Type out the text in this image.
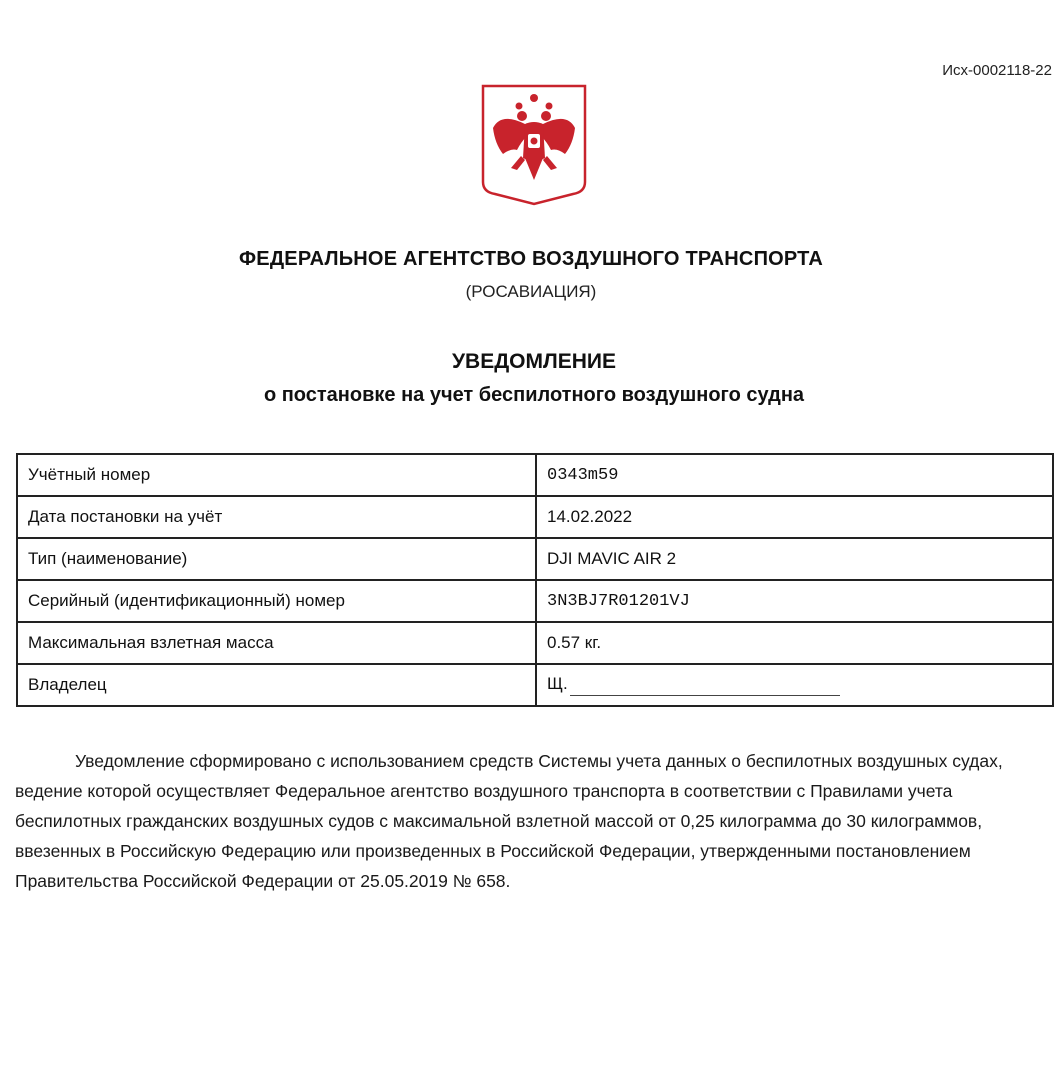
Исх-0002118-22
ФЕДЕРАЛЬНОЕ АГЕНТСТВО ВОЗДУШНОГО ТРАНСПОРТА
(РОСАВИАЦИЯ)
УВЕДОМЛЕНИЕ
о постановке на учет беспилотного воздушного судна
Учётный номер	0343m59
Дата постановки на учёт	14.02.2022
Тип (наименование)	DJI MAVIC AIR 2
Серийный (идентификационный) номер	3N3BJ7R01201VJ
Максимальная взлетная масса	0.57 кг.
Владелец	Щ.

Уведомление сформировано с использованием средств Системы учета данных о беспилотных воздушных судах, ведение которой осуществляет Федеральное агентство воздушного транспорта в соответствии с Правилами учета беспилотных гражданских воздушных судов с максимальной взлетной массой от 0,25 килограмма до 30 килограммов, ввезенных в Российскую Федерацию или произведенных в Российской Федерации, утвержденными постановлением Правительства Российской Федерации от 25.05.2019 № 658.
